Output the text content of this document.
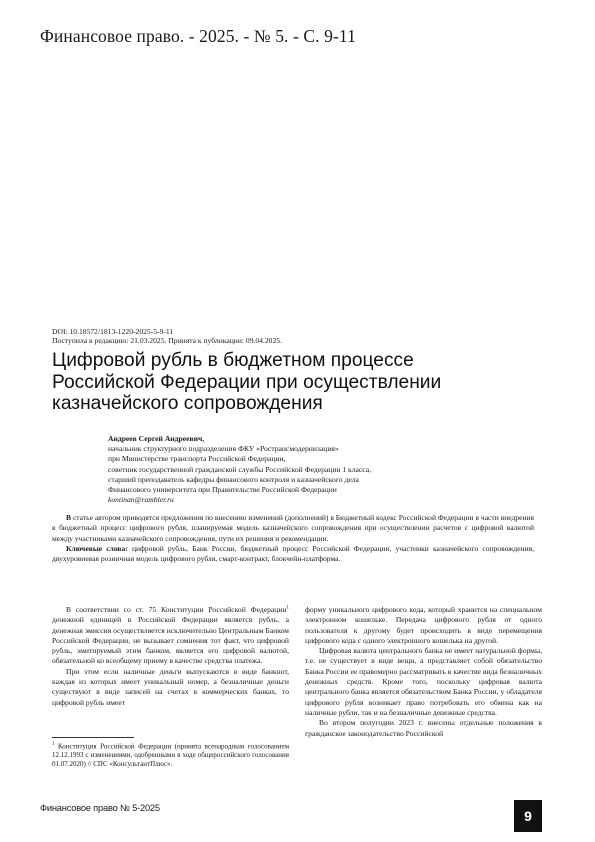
Финансовое право. - 2025. - № 5. - С. 9-11
DOI: 10.18572/1813-1220-2025-5-9-11
Поступила в редакцию: 21.03.2025. Принята к публикации: 09.04.2025.
Цифровой рубль в бюджетном процессе
Российской Федерации при осуществлении
казначейского сопровождения
Андреев Сергей Андреевич,
начальник структурного подразделения ФКУ «Ространсмодернизация»
при Министерстве транспорта Российской Федерации,
советник государственной гражданской службы Российской Федерации 1 класса,
старший преподаватель кафедры финансового контроля и казначейского дела
Финансового университета при Правительстве Российской Федерации
kontinan@rambler.ru

В статье автором приводятся предложения по внесению изменений (дополнений) в Бюджетный кодекс Российской Федерации в части внедрения в бюджетный процесс цифрового рубля, планируемая модель казначейского сопровождения при осуществлении расчетов с цифровой валютой между участниками казначейского сопровождения, пути их решения и рекомендации.

Ключевые слова: цифровой рубль, Банк России, бюджетный процесс Российской Федерации, участники казначейского сопровождения, двухуровневая розничная модель цифрового рубля, смарт-контракт, блокчейн-платформа.

В соответствии со ст. 75 Конституции Российской Федерации$^1$ денежной единицей в Российской Федерации является рубль, а денежная эмиссия осуществляется исключительно Центральным Банком Российской Федерации, не вызывает сомнения тот факт, что цифровой рубль, эмитируемый этим банком, является его цифровой валютой, обязательной ко всеобщему приему в качестве средства платежа.

При этом если наличные деньги выпускаются в виде банкнот, каждая из которых имеет уникальный номер, а безналичные деньги существуют в виде записей на счетах в коммерческих банках, то цифровой рубль имеет

форму уникального цифрового кода, который хранится на специальном электронном кошельке. Передача цифрового рубля от одного пользователя к другому будет происходить в виде перемещения цифрового кода с одного электронного кошелька на другой.

Цифровая валюта центрального банка не имеет натуральной формы, т.е. не существует в виде вещи, а представляет собой обязательство Банка России ее правомерно рассматривать в качестве вида безналичных денежных средств. Кроме того, поскольку цифровая валюта центрального банка является обязательством Банка России, у обладателя цифрового рубля возникает право потребовать его обмена как на наличные рубли, так и на безналичные денежные средства.

Во втором полугодии 2023 г. внесены отдельные положения в гражданское законодательство Российской

$^1$ Конституция Российской Федерации (принята всенародным голосованием 12.12.1993 с изменениями, одобренными в ходе общероссийского голосования 01.07.2020) // СПС «КонсультантПлюс».
Финансовое право № 5-2025	9
